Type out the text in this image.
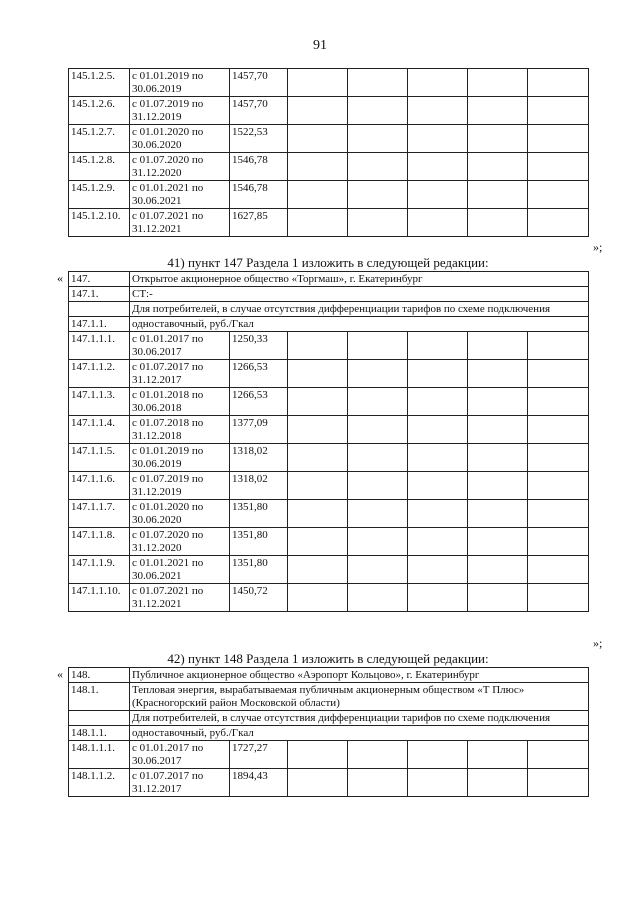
91
145.1.2.5.	с 01.01.2019 по 30.06.2019	1457,70					
145.1.2.6.	с 01.07.2019 по 31.12.2019	1457,70					
145.1.2.7.	с 01.01.2020 по 30.06.2020	1522,53					
145.1.2.8.	с 01.07.2020 по 31.12.2020	1546,78					
145.1.2.9.	с 01.01.2021 по 30.06.2021	1546,78					
145.1.2.10.	с 01.07.2021 по 31.12.2021	1627,85					
»;
41) пункт 147 Раздела 1 изложить в следующей редакции:
« 147.	Открытое акционерное общество «Торгмаш», г. Екатеринбург						
147.1.	СТ:-						
	Для потребителей, в случае отсутствия дифференциации тарифов по схеме подключения						
147.1.1.	одноставочный, руб./Гкал						
147.1.1.1.	с 01.01.2017 по 30.06.2017	1250,33					
147.1.1.2.	с 01.07.2017 по 31.12.2017	1266,53					
147.1.1.3.	с 01.01.2018 по 30.06.2018	1266,53					
147.1.1.4.	с 01.07.2018 по 31.12.2018	1377,09					
147.1.1.5.	с 01.01.2019 по 30.06.2019	1318,02					
147.1.1.6.	с 01.07.2019 по 31.12.2019	1318,02					
147.1.1.7.	с 01.01.2020 по 30.06.2020	1351,80					
147.1.1.8.	с 01.07.2020 по 31.12.2020	1351,80					
147.1.1.9.	с 01.01.2021 по 30.06.2021	1351,80					
147.1.1.10.	с 01.07.2021 по 31.12.2021	1450,72					
»;
42) пункт 148 Раздела 1 изложить в следующей редакции:
« 148.	Публичное акционерное общество «Аэропорт Кольцово», г. Екатеринбург						
148.1.	Тепловая энергия, вырабатываемая публичным акционерным обществом «Т Плюс» (Красногорский район Московской области)						
	Для потребителей, в случае отсутствия дифференциации тарифов по схеме подключения						
148.1.1.	одноставочный, руб./Гкал						
148.1.1.1.	с 01.01.2017 по 30.06.2017	1727,27					
148.1.1.2.	с 01.07.2017 по 31.12.2017	1894,43					
